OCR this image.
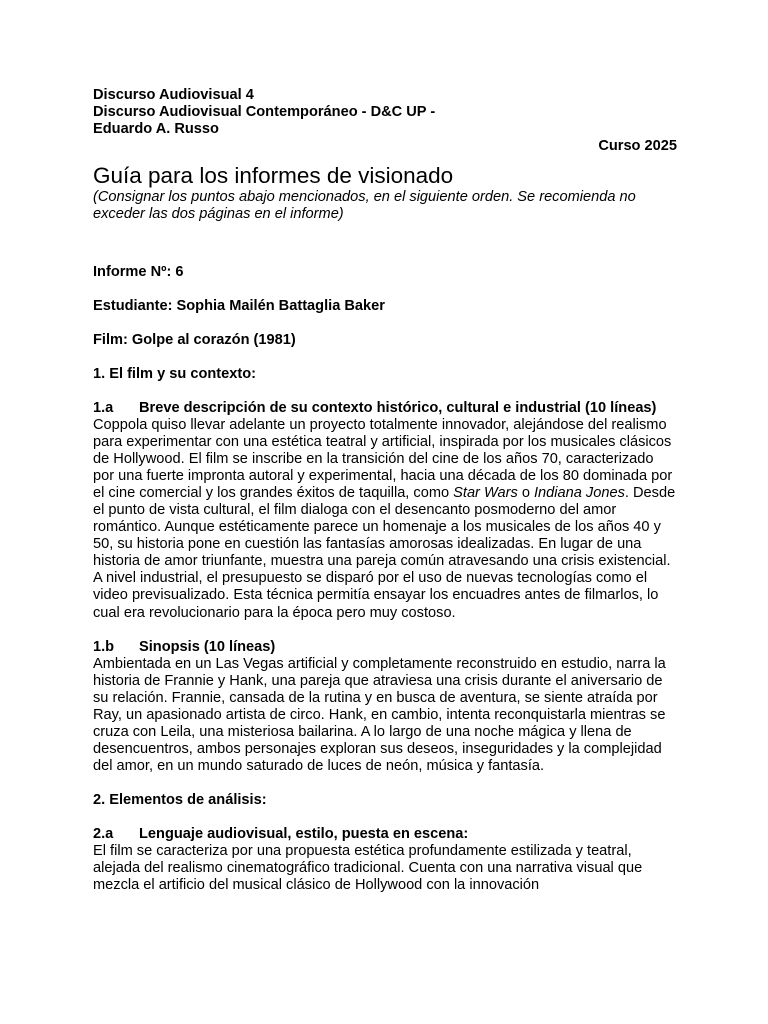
Discurso Audiovisual 4
Discurso Audiovisual Contemporáneo - D&C UP -
Eduardo A. Russo
Curso 2025
Guía para los informes de visionado
(Consignar los puntos abajo mencionados, en el siguiente orden. Se recomienda no exceder las dos páginas en el informe)
Informe Nº: 6
Estudiante: Sophia Mailén Battaglia Baker
Film: Golpe al corazón (1981)
1. El film y su contexto:
1.a Breve descripción de su contexto histórico, cultural e industrial (10 líneas)
Coppola quiso llevar adelante un proyecto totalmente innovador, alejándose del realismo para experimentar con una estética teatral y artificial, inspirada por los musicales clásicos de Hollywood. El film se inscribe en la transición del cine de los años 70, caracterizado por una fuerte impronta autoral y experimental, hacia una década de los 80 dominada por el cine comercial y los grandes éxitos de taquilla, como Star Wars o Indiana Jones. Desde el punto de vista cultural, el film dialoga con el desencanto posmoderno del amor romántico. Aunque estéticamente parece un homenaje a los musicales de los años 40 y 50, su historia pone en cuestión las fantasías amorosas idealizadas. En lugar de una historia de amor triunfante, muestra una pareja común atravesando una crisis existencial. A nivel industrial, el presupuesto se disparó por el uso de nuevas tecnologías como el video previsualizado. Esta técnica permitía ensayar los encuadres antes de filmarlos, lo cual era revolucionario para la época pero muy costoso.
1.b Sinopsis (10 líneas)
Ambientada en un Las Vegas artificial y completamente reconstruido en estudio, narra la historia de Frannie y Hank, una pareja que atraviesa una crisis durante el aniversario de su relación. Frannie, cansada de la rutina y en busca de aventura, se siente atraída por Ray, un apasionado artista de circo. Hank, en cambio, intenta reconquistarla mientras se cruza con Leila, una misteriosa bailarina. A lo largo de una noche mágica y llena de desencuentros, ambos personajes exploran sus deseos, inseguridades y la complejidad del amor, en un mundo saturado de luces de neón, música y fantasía.
2. Elementos de análisis:
2.a Lenguaje audiovisual, estilo, puesta en escena:
El film se caracteriza por una propuesta estética profundamente estilizada y teatral, alejada del realismo cinematográfico tradicional. Cuenta con una narrativa visual que mezcla el artificio del musical clásico de Hollywood con la innovación
